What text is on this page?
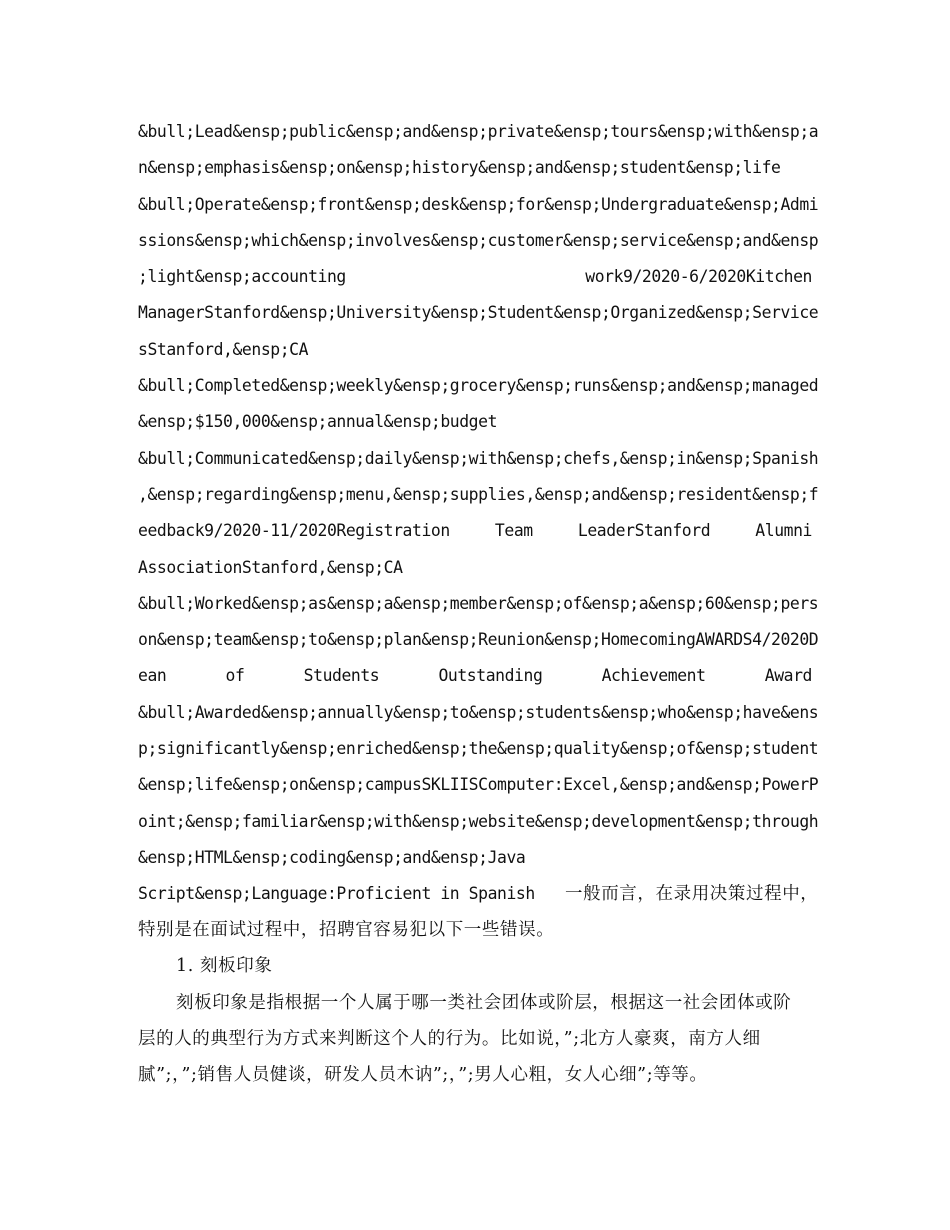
&bull;Lead&ensp;public&ensp;and&ensp;private&ensp;tours&ensp;with&ensp;a
n&ensp;emphasis&ensp;on&ensp;history&ensp;and&ensp;student&ensp;life
&bull;Operate&ensp;front&ensp;desk&ensp;for&ensp;Undergraduate&ensp;Admi
ssions&ensp;which&ensp;involves&ensp;customer&ensp;service&ensp;and&ensp
;light&ensp;accounting work9/2020-6/2020Kitchen
ManagerStanford&ensp;University&ensp;Student&ensp;Organized&ensp;Service
sStanford,&ensp;CA
&bull;Completed&ensp;weekly&ensp;grocery&ensp;runs&ensp;and&ensp;managed
&ensp;$150,000&ensp;annual&ensp;budget
&bull;Communicated&ensp;daily&ensp;with&ensp;chefs,&ensp;in&ensp;Spanish
,&ensp;regarding&ensp;menu,&ensp;supplies,&ensp;and&ensp;resident&ensp;f
eedback9/2020-11/2020Registration Team LeaderStanford Alumni
AssociationStanford,&ensp;CA
&bull;Worked&ensp;as&ensp;a&ensp;member&ensp;of&ensp;a&ensp;60&ensp;pers
on&ensp;team&ensp;to&ensp;plan&ensp;Reunion&ensp;HomecomingAWARDS4/2020D
ean of Students Outstanding Achievement Award
&bull;Awarded&ensp;annually&ensp;to&ensp;students&ensp;who&ensp;have&ens
p;significantly&ensp;enriched&ensp;the&ensp;quality&ensp;of&ensp;student
&ensp;life&ensp;on&ensp;campusSKLIISComputer:Excel,&ensp;and&ensp;PowerP
oint;&ensp;familiar&ensp;with&ensp;website&ensp;development&ensp;through
&ensp;HTML&ensp;coding&ensp;and&ensp;Java
Script&ensp;Language:Proficient in Spanish 一般而言，在录用决策过程中，
特别是在面试过程中，招聘官容易犯以下一些错误。
1. 刻板印象
刻板印象是指根据一个人属于哪一类社会团体或阶层，根据这一社会团体或阶
层的人的典型行为方式来判断这个人的行为。比如说，”;北方人豪爽，南方人细
腻”;，”;销售人员健谈，研发人员木讷”;，”;男人心粗，女人心细”;等等。
